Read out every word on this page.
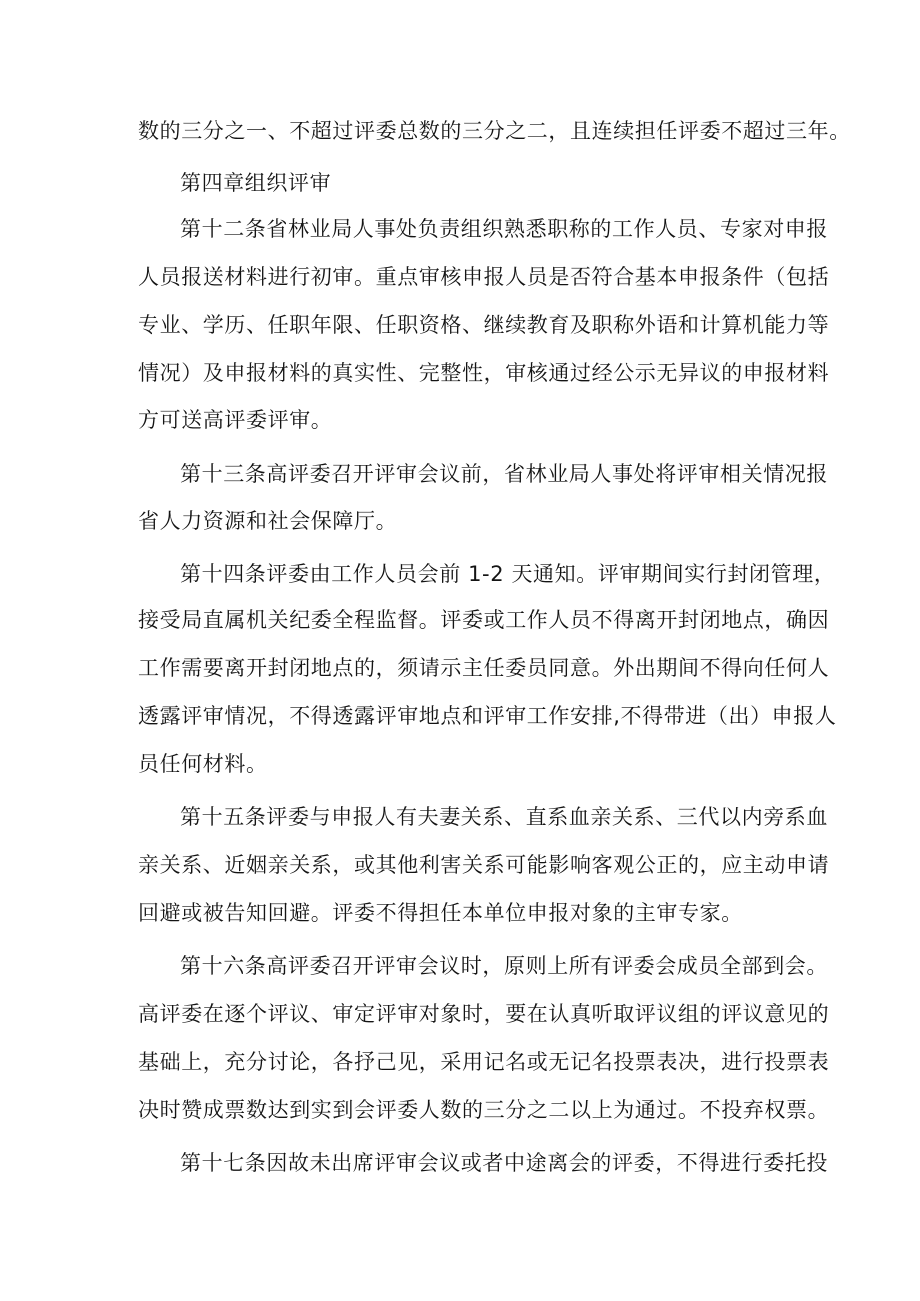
数的三分之一、不超过评委总数的三分之二，且连续担任评委不超过三年。
第四章组织评审
第十二条省林业局人事处负责组织熟悉职称的工作人员、专家对申报
人员报送材料进行初审。重点审核申报人员是否符合基本申报条件（包括
专业、学历、任职年限、任职资格、继续教育及职称外语和计算机能力等
情况）及申报材料的真实性、完整性，审核通过经公示无异议的申报材料
方可送高评委评审。
第十三条高评委召开评审会议前，省林业局人事处将评审相关情况报
省人力资源和社会保障厅。
第十四条评委由工作人员会前 1-2 天通知。评审期间实行封闭管理，
接受局直属机关纪委全程监督。评委或工作人员不得离开封闭地点，确因
工作需要离开封闭地点的，须请示主任委员同意。外出期间不得向任何人
透露评审情况，不得透露评审地点和评审工作安排,不得带进（出）申报人
员任何材料。
第十五条评委与申报人有夫妻关系、直系血亲关系、三代以内旁系血
亲关系、近姻亲关系，或其他利害关系可能影响客观公正的，应主动申请
回避或被告知回避。评委不得担任本单位申报对象的主审专家。
第十六条高评委召开评审会议时，原则上所有评委会成员全部到会。
高评委在逐个评议、审定评审对象时，要在认真听取评议组的评议意见的
基础上，充分讨论，各抒己见，采用记名或无记名投票表决，进行投票表
决时赞成票数达到实到会评委人数的三分之二以上为通过。不投弃权票。
第十七条因故未出席评审会议或者中途离会的评委，不得进行委托投
